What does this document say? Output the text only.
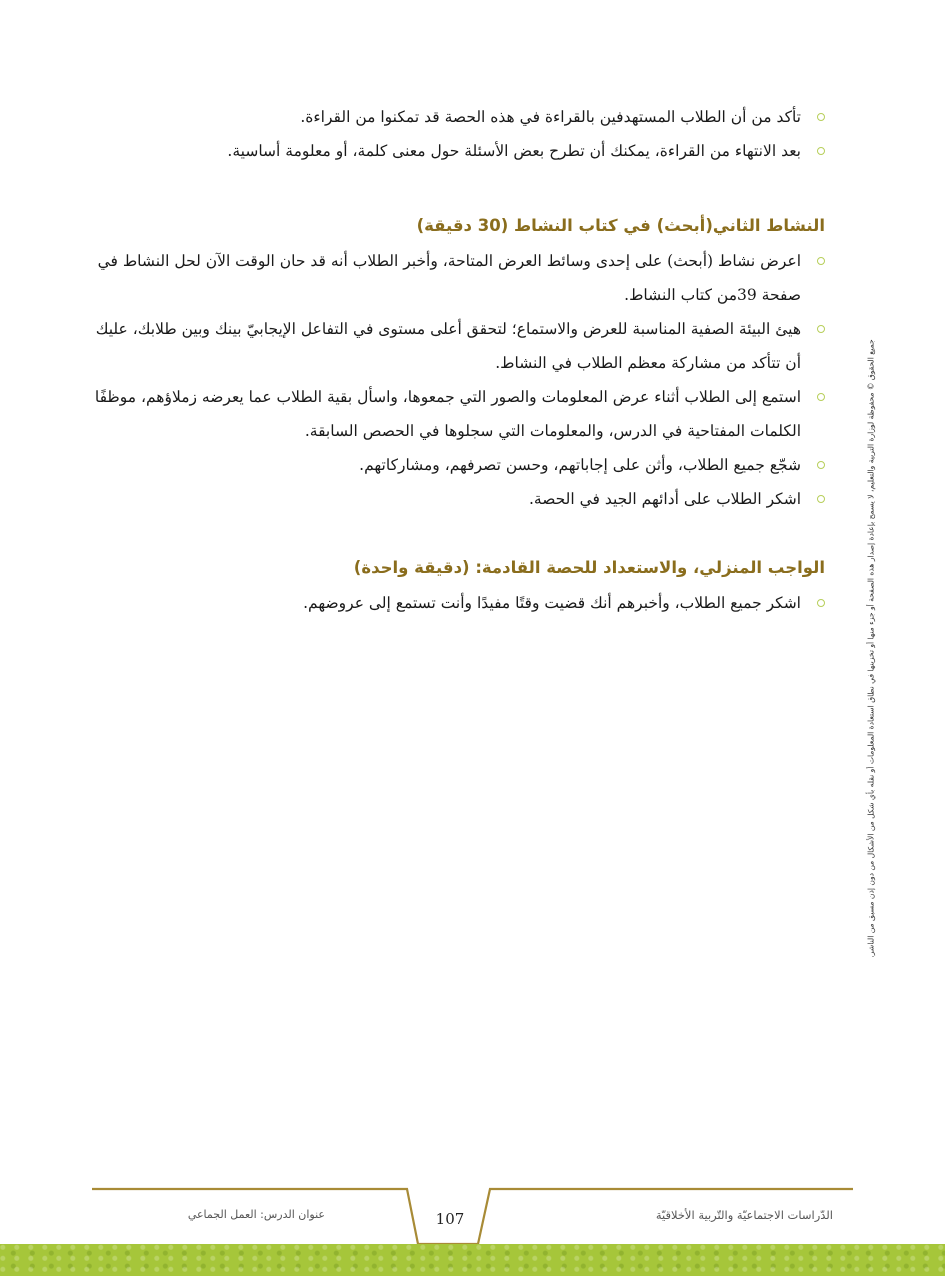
تأكد من أن الطلاب المستهدفين بالقراءة في هذه الحصة قد تمكنوا من القراءة.
بعد الانتهاء من القراءة، يمكنك أن تطرح بعض الأسئلة حول معنى كلمة، أو معلومة أساسية.
النشاط الثاني(أبحث) في كتاب النشاط (30 دقيقة)
اعرض نشاط (أبحث) على إحدى وسائط العرض المتاحة، وأخبر الطلاب أنه قد حان الوقت الآن لحل النشاط في صفحة 39من كتاب النشاط.
هيئ البيئة الصفية المناسبة للعرض والاستماع؛ لتحقق أعلى مستوى في التفاعل الإيجابيّ بينك وبين طلابك، عليك أن تتأكد من مشاركة معظم الطلاب في النشاط.
استمع إلى الطلاب أثناء عرض المعلومات والصور التي جمعوها، واسأل بقية الطلاب عما يعرضه زملاؤهم، موظفًا الكلمات المفتاحية في الدرس، والمعلومات التي سجلوها في الحصص السابقة.
شجّع جميع الطلاب، وأثن على إجاباتهم، وحسن تصرفهم، ومشاركاتهم.
اشكر الطلاب على أدائهم الجيد في الحصة.
الواجب المنزلي، والاستعداد للحصة القادمة: (دقيقة واحدة)
اشكر جميع الطلاب، وأخبرهم أنك قضيت وقتًا مفيدًا وأنت تستمع إلى عروضهم.	جميع الحقوق © محفوظة لوزارة التربية والتعليم، لا يسمح بإعادة إصدار هذه الصفحة أو جزء منها أو تخزينها في نطاق استعادة المعلومات أو نقله بأي شكل من الأشكال من دون إذن مسبق من الناشر.
عنوان الدرس: العمل الجماعي	107	الدّراسات الاجتماعيّة والتّربية الأخلاقيّة
